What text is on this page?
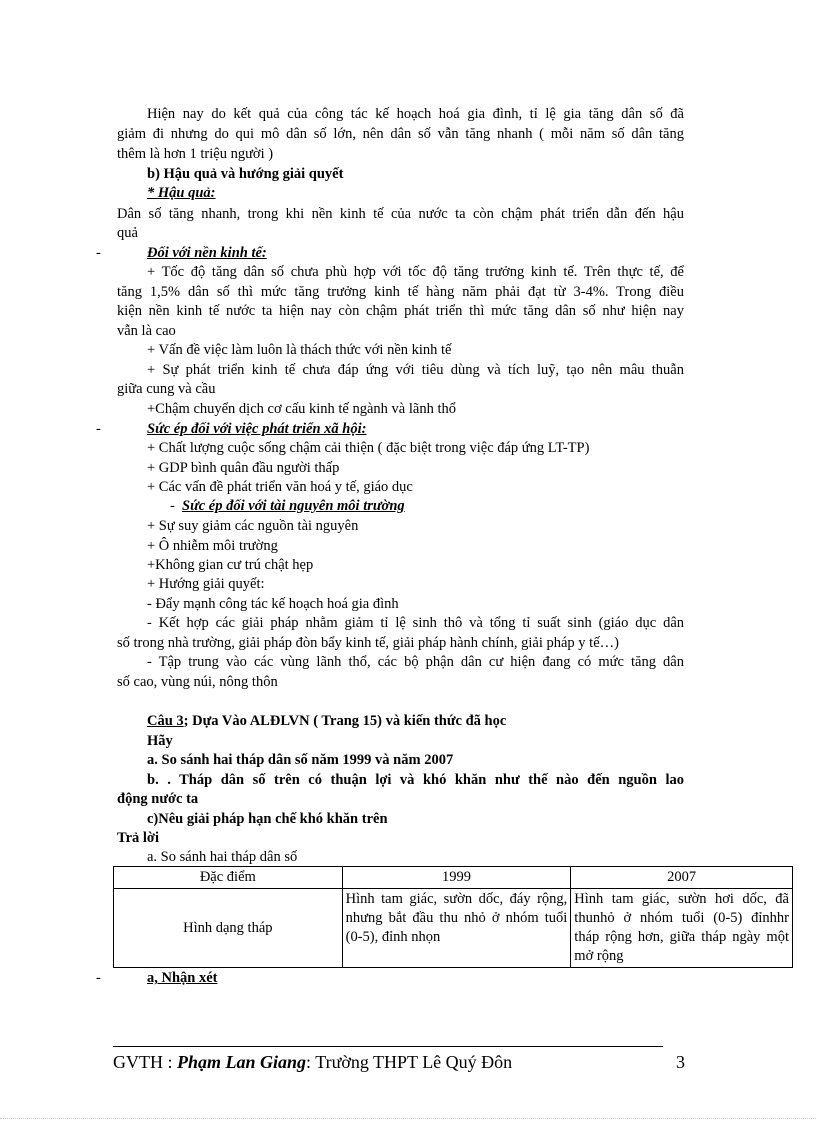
Hiện nay do kết quả của công tác kế hoạch hoá gia đình, tỉ lệ gia tăng dân số đã
giảm đi nhưng do qui mô dân số lớn, nên dân số vẫn tăng nhanh ( mỗi năm số dân tăng
thêm là hơn 1 triệu người )
b) Hậu quả và hướng giải quyết
* Hậu quả:
Dân số tăng nhanh, trong khi nền kinh tế của nước ta còn chậm phát triển dẫn đến hậu
quả
-	Đối với nền kinh tế:
+ Tốc độ tăng dân số chưa phù hợp với tốc độ tăng trưởng kinh tế. Trên thực tế, để
tăng 1,5% dân số thì mức tăng trưởng kinh tế hàng năm phải đạt từ 3-4%. Trong điều
kiện nền kinh tế nước ta hiện nay còn chậm phát triển thì mức tăng dân số như hiện nay
vẫn là cao
+ Vấn đề việc làm luôn là thách thức với nền kinh tế
+ Sự phát triển kinh tế chưa đáp ứng với tiêu dùng và tích luỹ, tạo nên mâu thuẫn
giữa cung và cầu
+Chậm chuyển dịch cơ cấu kinh tế ngành và lãnh thổ
-	Sức ép đối với việc phát triển xã hội:
+ Chất lượng cuộc sống chậm cải thiện ( đặc biệt trong việc đáp ứng LT-TP)
+ GDP bình quân đầu người thấp
+ Các vấn đề phát triển văn hoá y tế, giáo dục
- Sức ép đối với tài nguyên môi trường
+ Sự suy giảm các nguồn tài nguyên
+ Ô nhiễm môi trường
+Không gian cư trú chật hẹp
+ Hướng giải quyết:
- Đẩy mạnh công tác kế hoạch hoá gia đình
- Kết hợp các giải pháp nhằm giảm tỉ lệ sinh thô và tổng tỉ suất sinh (giáo dục dân
số trong nhà trường, giải pháp đòn bẩy kinh tế, giải pháp hành chính, giải pháp y tế…)
- Tập trung vào các vùng lãnh thổ, các bộ phận dân cư hiện đang có mức tăng dân
số cao, vùng núi, nông thôn
Câu 3; Dựa Vào ALĐLVN ( Trang 15) và kiến thức đã học
Hãy
a. So sánh hai tháp dân số năm 1999 và năm 2007
b. . Tháp dân số trên có thuận lợi và khó khăn như thế nào đến nguồn lao
động nước ta
c)Nêu giải pháp hạn chế khó khăn trên
Trả lời
a. So sánh hai tháp dân số
Đặc điểm	1999	2007
Hình dạng tháp	Hình tam giác, sườn dốc, đáy rộng, nhưng bắt đầu thu nhỏ ở nhóm tuổi (0-5), đỉnh nhọn	Hình tam giác, sườn hơi dốc, đã thunhỏ ở nhóm tuổi (0-5) đỉnhhr tháp rộng hơn, giữa tháp ngày một mở rộng
-	a, Nhận xét
GVTH : Phạm Lan Giang: Trường THPT Lê Quý Đôn	3
